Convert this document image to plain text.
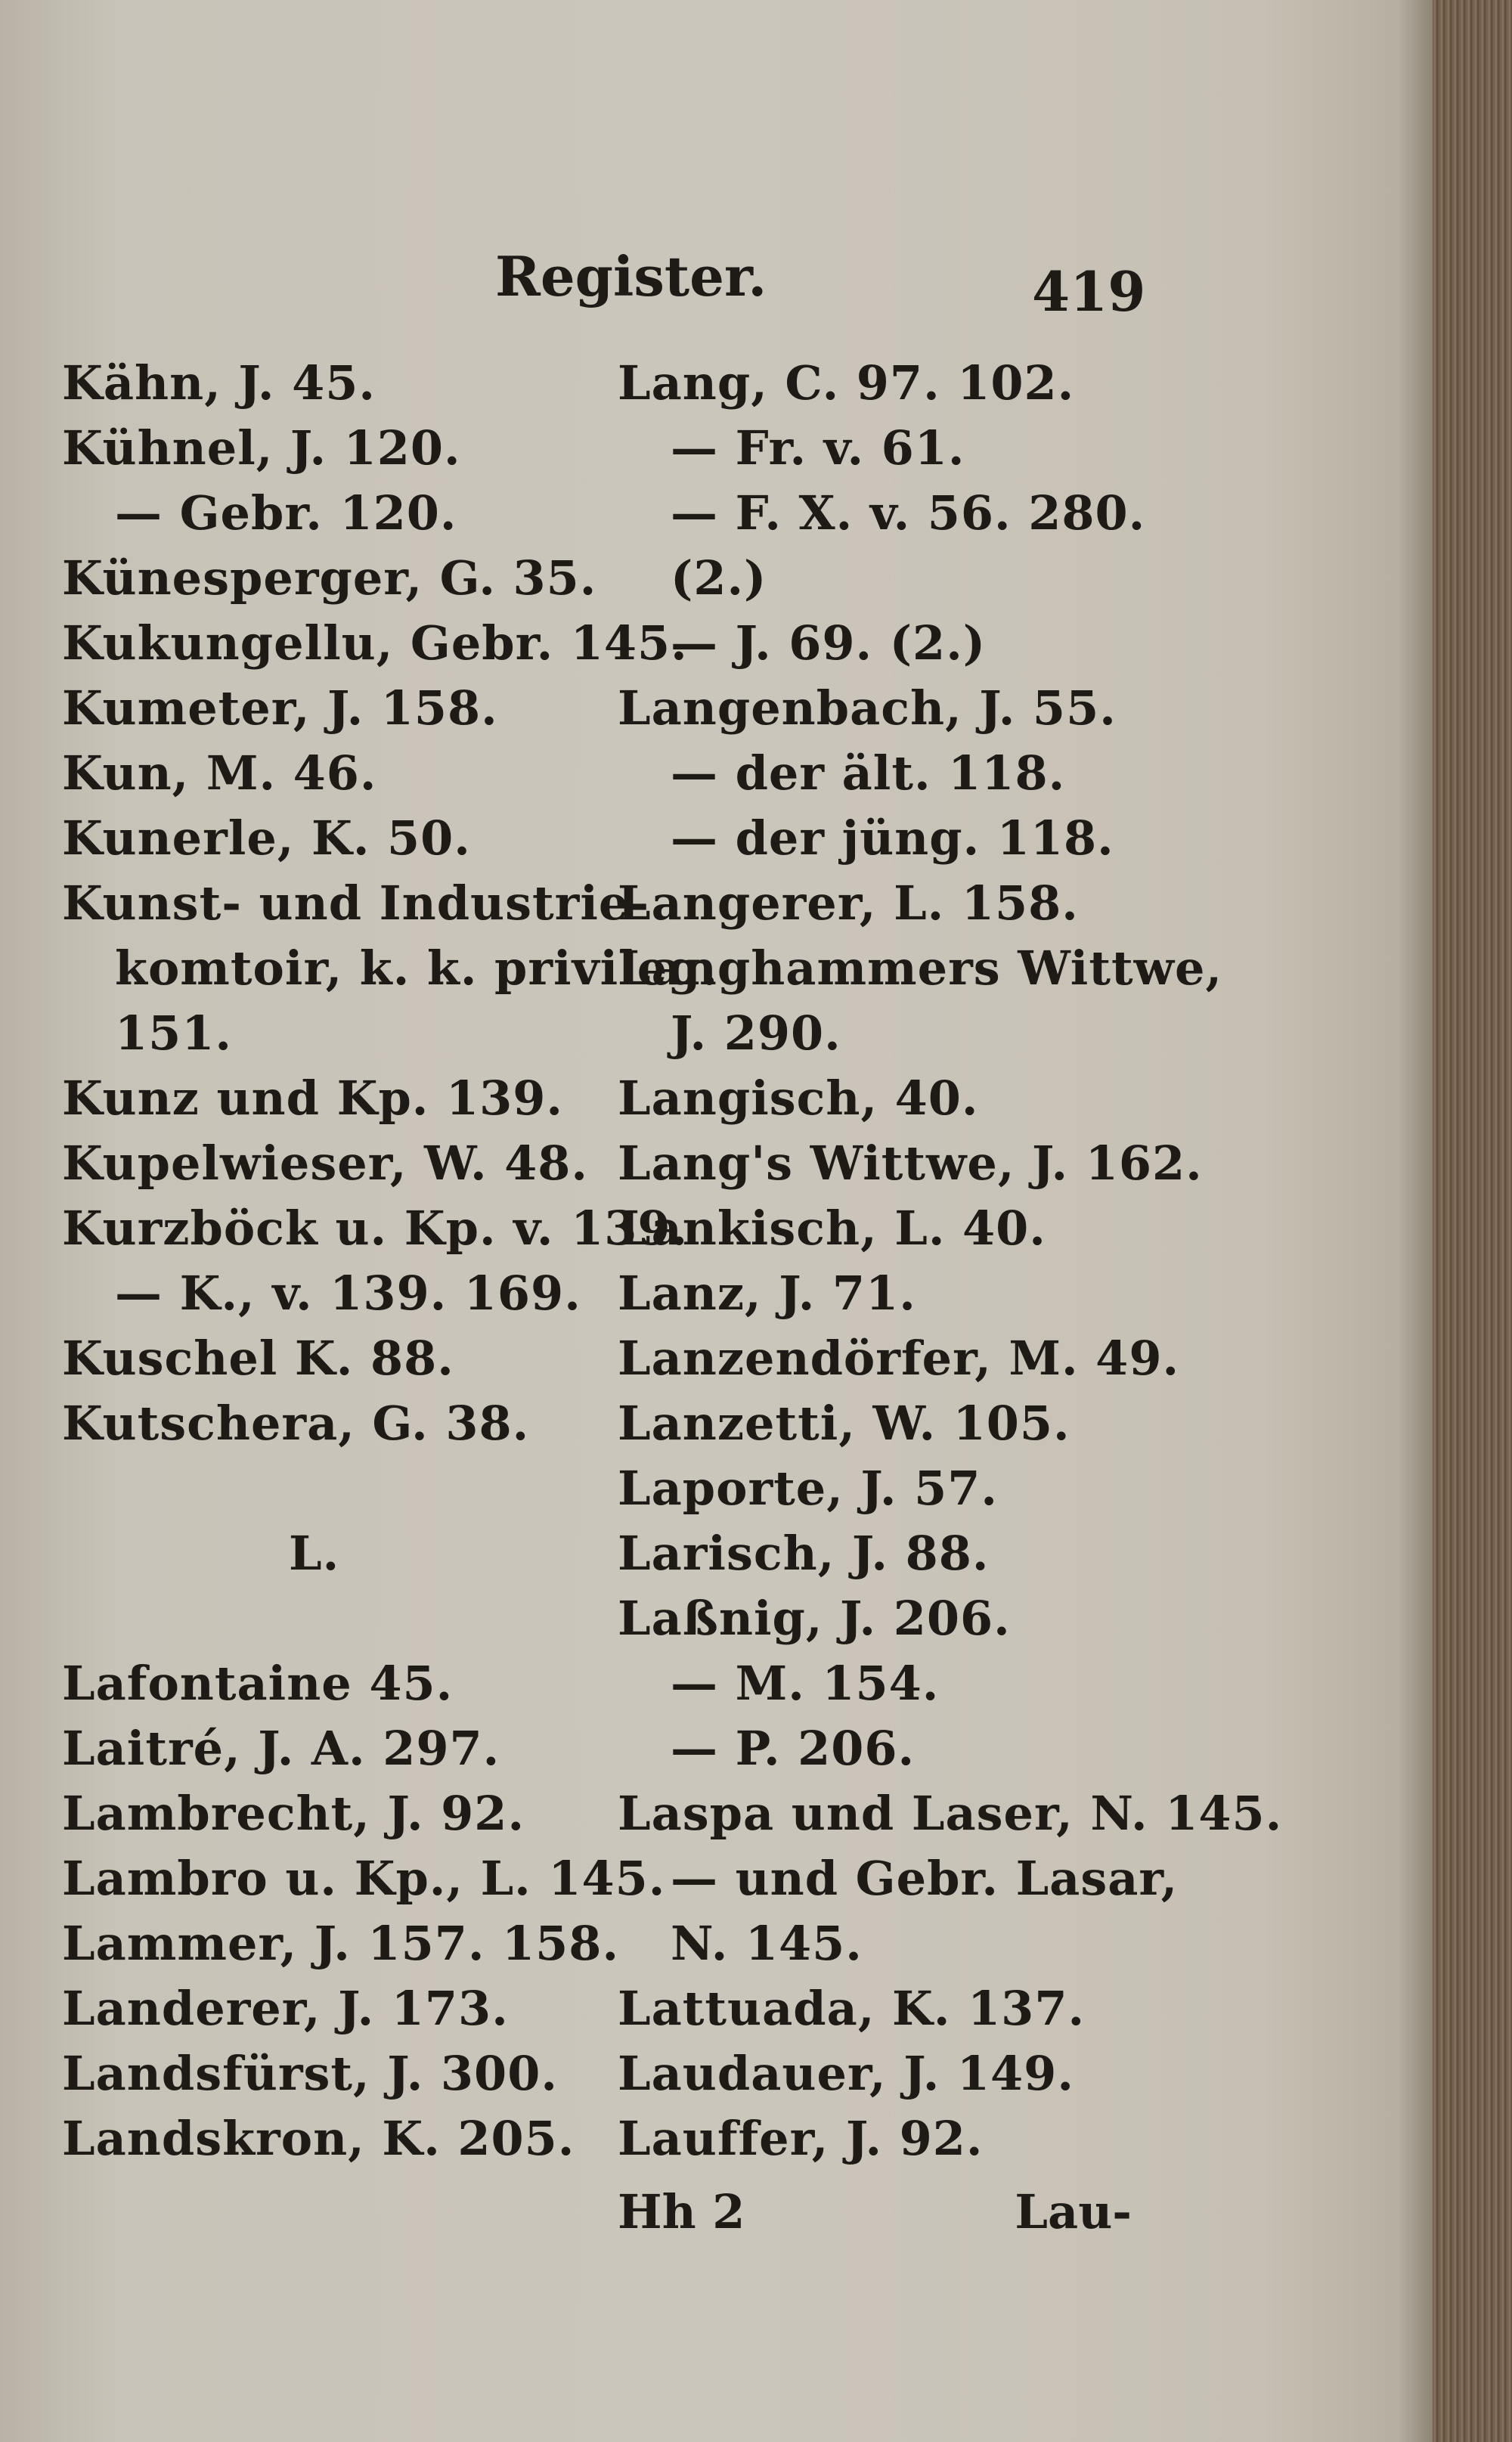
Register.	419
Kähn, J. 45.
Kühnel, J. 120.
— Gebr. 120.
Künesperger, G. 35.
Kukungellu, Gebr. 145.
Kumeter, J. 158.
Kun, M. 46.
Kunerle, K. 50.
Kunst- und Industrie-
komtoir, k. k. privileg.
151.
Kunz und Kp. 139.
Kupelwieser, W. 48.
Kurzböck u. Kp. v. 139.
— K., v. 139. 169.
Kuschel K. 88.
Kutschera, G. 38.
L.
Lafontaine 45.
Laitré, J. A. 297.
Lambrecht, J. 92.
Lambro u. Kp., L. 145.
Lammer, J. 157. 158.
Landerer, J. 173.
Landsfürst, J. 300.
Landskron, K. 205.
Lang, C. 97. 102.
— Fr. v. 61.
— F. X. v. 56. 280.
(2.)
— J. 69. (2.)
Langenbach, J. 55.
— der ält. 118.
— der jüng. 118.
Langerer, L. 158.
Langhammers Wittwe,
J. 290.
Langisch, 40.
Lang's Wittwe, J. 162.
Lankisch, L. 40.
Lanz, J. 71.
Lanzendörfer, M. 49.
Lanzetti, W. 105.
Laporte, J. 57.
Larisch, J. 88.
Laßnig, J. 206.
— M. 154.
— P. 206.
Laspa und Laser, N. 145.
— und Gebr. Lasar,
N. 145.
Lattuada, K. 137.
Laudauer, J. 149.
Lauffer, J. 92.
Hh 2	Lau-
